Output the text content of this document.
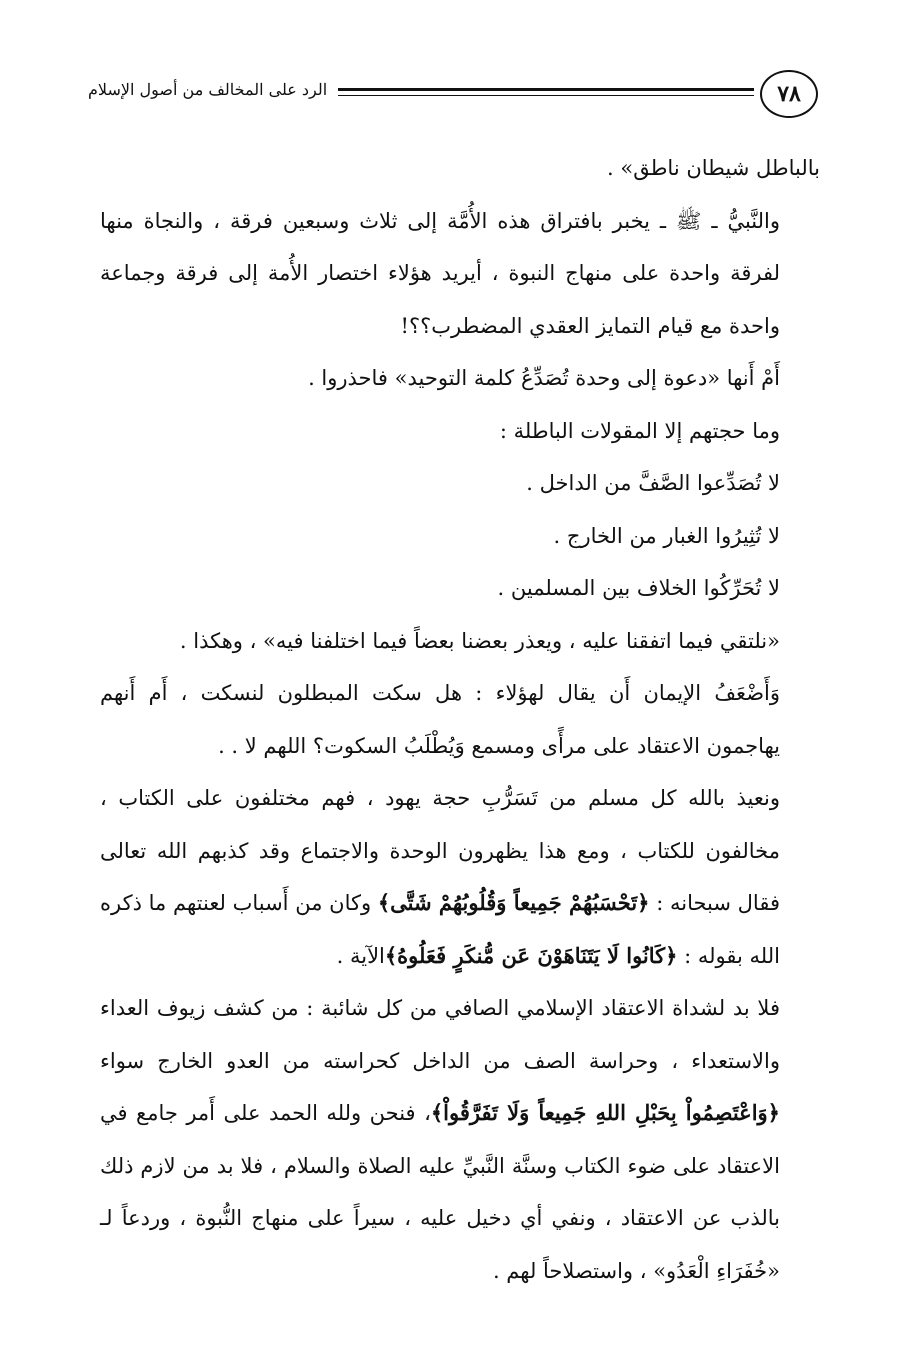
الرد على المخالف من أصول الإسلام	٧٨

بالباطل شيطان ناطق» .

والنَّبيُّ ـ ﷺ ـ يخبر بافتراق هذه الأُمَّة إلى ثلاث وسبعين فرقة ، والنجاة منها لفرقة واحدة على منهاج النبوة ، أيريد هؤلاء اختصار الأُمة إلى فرقة وجماعة واحدة مع قيام التمايز العقدي المضطرب؟؟!

أَمْ أَنها «دعوة إلى وحدة تُصَدِّعُ كلمة التوحيد» فاحذروا .

وما حجتهم إلا المقولات الباطلة :

لا تُصَدِّعوا الصَّفَّ من الداخل .

لا تُثِيرُوا الغبار من الخارج .

لا تُحَرِّكُوا الخلاف بين المسلمين .

«نلتقي فيما اتفقنا عليه ، ويعذر بعضنا بعضاً فيما اختلفنا فيه» ، وهكذا .

وَأَضْعَفُ الإيمان أَن يقال لهؤلاء : هل سكت المبطلون لنسكت ، أَم أَنهم يهاجمون الاعتقاد على مرأًى ومسمع وَيُطْلَبُ السكوت؟ اللهم لا . .

ونعيذ بالله كل مسلم من تَسَرُّبِ حجة يهود ، فهم مختلفون على الكتاب ، مخالفون للكتاب ، ومع هذا يظهرون الوحدة والاجتماع وقد كذبهم الله تعالى فقال سبحانه : ﴿تَحْسَبُهُمْ جَمِيعاً وَقُلُوبُهُمْ شَتَّى﴾ وكان من أَسباب لعنتهم ما ذكره الله بقوله : ﴿كَانُوا لَا يَتَنَاهَوْنَ عَن مُّنكَرٍ فَعَلُوهُ﴾الآية .

فلا بد لشداة الاعتقاد الإسلامي الصافي من كل شائبة : من كشف زيوف العداء والاستعداء ، وحراسة الصف من الداخل كحراسته من العدو الخارج سواء ﴿وَاعْتَصِمُواْ بِحَبْلِ اللهِ جَمِيعاً وَلَا تَفَرَّقُواْ﴾، فنحن ولله الحمد على أَمر جامع في الاعتقاد على ضوء الكتاب وسنَّة النَّبيِّ عليه الصلاة والسلام ، فلا بد من لازم ذلك بالذب عن الاعتقاد ، ونفي أي دخيل عليه ، سيراً على منهاج النُّبوة ، وردعاً لـ «خُفَرَاءِ الْعَدُو» ، واستصلاحاً لهم .
